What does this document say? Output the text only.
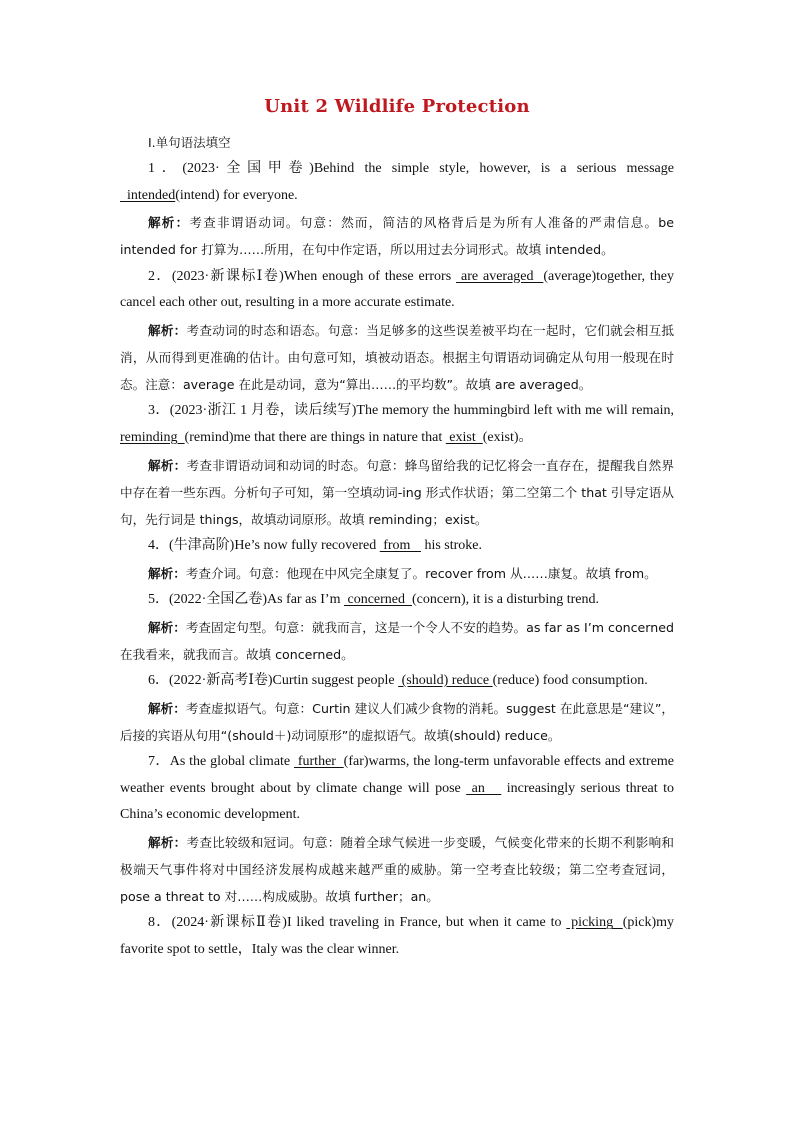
Unit 2 Wildlife Protection
Ⅰ.单句语法填空

1．(2023·全国甲卷)Behind the simple style, however, is a serious message   intended(intend) for everyone.

解析：考查非谓语动词。句意：然而，简洁的风格背后是为所有人准备的严肃信息。be intended for 打算为……所用，在句中作定语，所以用过去分词形式。故填 intended。

2．(2023·新课标Ⅰ卷)When enough of these errors  are averaged  (average)together, they cancel each other out, resulting in a more accurate estimate.

解析：考查动词的时态和语态。句意：当足够多的这些误差被平均在一起时，它们就会相互抵消，从而得到更准确的估计。由句意可知，填被动语态。根据主句谓语动词确定从句用一般现在时态。注意：average 在此是动词，意为“算出……的平均数”。故填 are averaged。

3．(2023·浙江 1 月卷，读后续写)The memory the hummingbird left with me will remain, reminding  (remind)me that there are things in nature that  exist  (exist)。

解析：考查非谓语动词和动词的时态。句意：蜂鸟留给我的记忆将会一直存在，提醒我自然界中存在着一些东西。分析句子可知，第一空填动词-ing 形式作状语；第二空第二个 that 引导定语从句，先行词是 things，故填动词原形。故填 reminding；exist。

4．(牛津高阶)He’s now fully recovered  from    his stroke.

解析：考查介词。句意：他现在中风完全康复了。recover from 从……康复。故填 from。

5．(2022·全国乙卷)As far as I’m  concerned  (concern), it is a disturbing trend.

解析：考查固定句型。句意：就我而言，这是一个令人不安的趋势。as far as I’m concerned 在我看来，就我而言。故填 concerned。

6．(2022·新高考Ⅰ卷)Curtin suggest people  (should) reduce (reduce) food consumption.

解析：考查虚拟语气。句意：Curtin 建议人们减少食物的消耗。suggest 在此意思是“建议”，后接的宾语从句用“(should＋)动词原形”的虚拟语气。故填(should) reduce。

7．As the global climate  further  (far)warms, the long-term unfavorable effects and extreme weather events brought about by climate change will pose  an    increasingly serious threat to China’s economic development.

解析：考查比较级和冠词。句意：随着全球气候进一步变暖，气候变化带来的长期不利影响和极端天气事件将对中国经济发展构成越来越严重的威胁。第一空考查比较级；第二空考查冠词，pose a threat to 对……构成威胁。故填 further；an。

8．(2024·新课标Ⅱ卷)I liked traveling in France, but when it came to  picking  (pick)my favorite spot to settle，Italy was the clear winner.
